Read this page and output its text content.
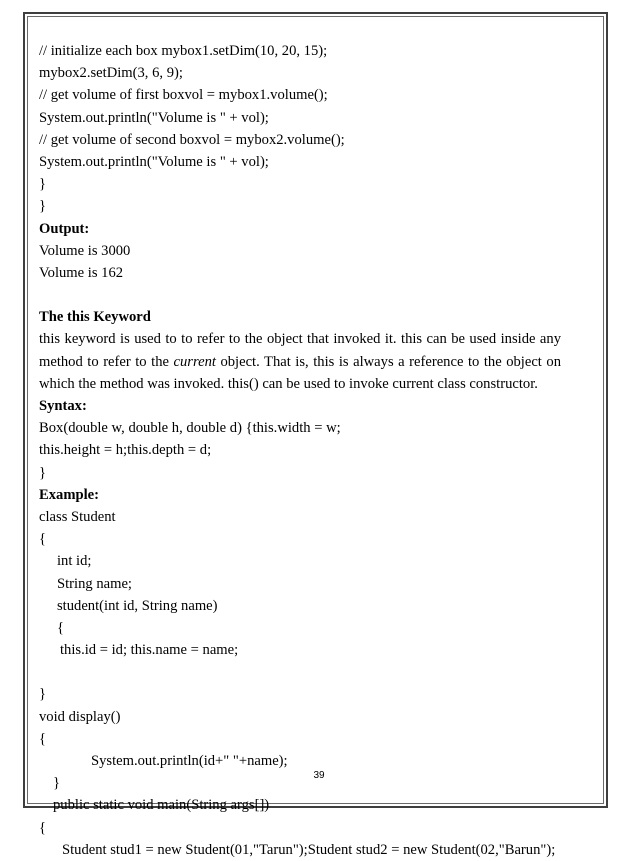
// initialize each box mybox1.setDim(10, 20, 15);
mybox2.setDim(3, 6, 9);
// get volume of first boxvol = mybox1.volume();
System.out.println("Volume is " + vol);
// get volume of second boxvol = mybox2.volume();
System.out.println("Volume is " + vol);
}
}
Output:
Volume is 3000
Volume is 162
The this Keyword
this keyword is used to to refer to the object that invoked it. this can be used inside any
method to refer to the current object. That is, this is always a reference to the object on
which the method was invoked. this() can be used to invoke current class constructor.
Syntax:
Box(double w, double h, double d) {this.width = w;
this.height = h;this.depth = d;
}
Example:
class Student
{
int id;
String name;
student(int id, String name)
{
this.id = id; this.name = name;
}
void display()
{
System.out.println(id+" "+name);
}
public static void main(String args[])
{
Student stud1 = new Student(01,"Tarun");Student stud2 = new Student(02,"Barun");
39
